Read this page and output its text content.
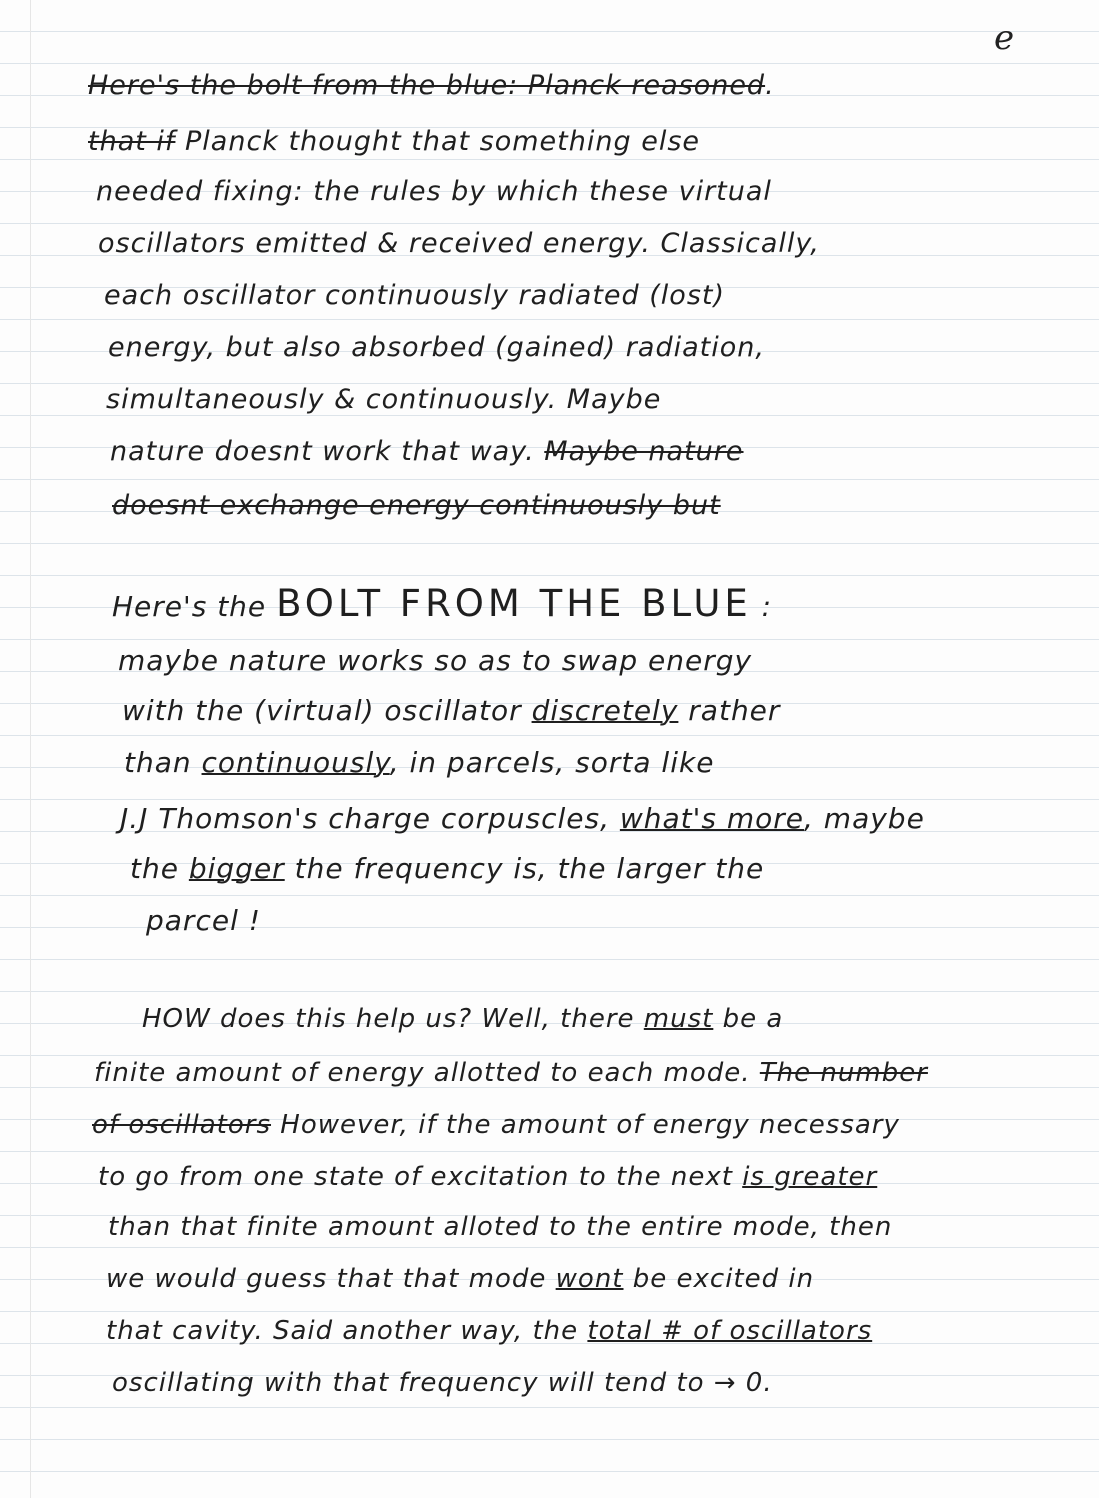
e
Here's the bolt from the blue: Planck reasoned.
that if Planck thought that something else
needed fixing: the rules by which these virtual
oscillators emitted & received energy. Classically,
each oscillator continuously radiated (lost)
energy, but also absorbed (gained) radiation,
simultaneously & continuously. Maybe
nature doesnt work that way. Maybe nature
doesnt exchange energy continuously but
Here's the BOLT FROM THE BLUE :
maybe nature works so as to swap energy
with the (virtual) oscillator discretely rather
than continuously, in parcels, sorta like
J.J Thomson's charge corpuscles, what's more, maybe
the bigger the frequency is, the larger the
parcel !
HOW does this help us? Well, there must be a
finite amount of energy allotted to each mode. The number
of oscillators However, if the amount of energy necessary
to go from one state of excitation to the next is greater
than that finite amount alloted to the entire mode, then
we would guess that that mode wont be excited in
that cavity. Said another way, the total # of oscillators
oscillating with that frequency will tend to → 0.
